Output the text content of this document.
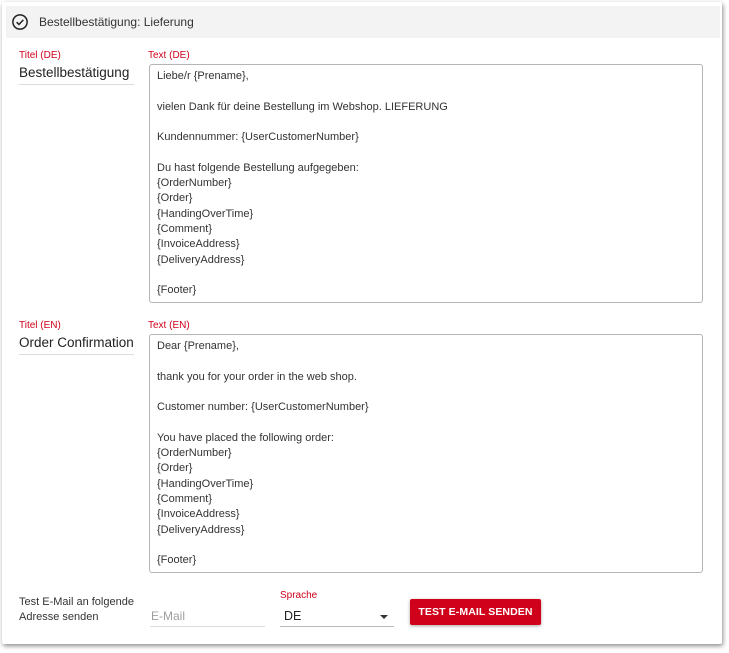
Bestellbestätigung: Lieferung
Titel (DE)
Bestellbestätigung
Text (DE)
Liebe/r {Prename},

vielen Dank für deine Bestellung im Webshop. LIEFERUNG

Kundennummer: {UserCustomerNumber}

Du hast folgende Bestellung aufgegeben:
{OrderNumber}
{Order}
{HandingOverTime}
{Comment}
{InvoiceAddress}
{DeliveryAddress}

{Footer}
Titel (EN)
Order Confirmation
Text (EN)
Dear {Prename},

thank you for your order in the web shop.

Customer number: {UserCustomerNumber}

You have placed the following order:
{OrderNumber}
{Order}
{HandingOverTime}
{Comment}
{InvoiceAddress}
{DeliveryAddress}

{Footer}
Test E-Mail an folgende
Adresse senden	E-Mail
Sprache
DE	TEST E-MAIL SENDEN
